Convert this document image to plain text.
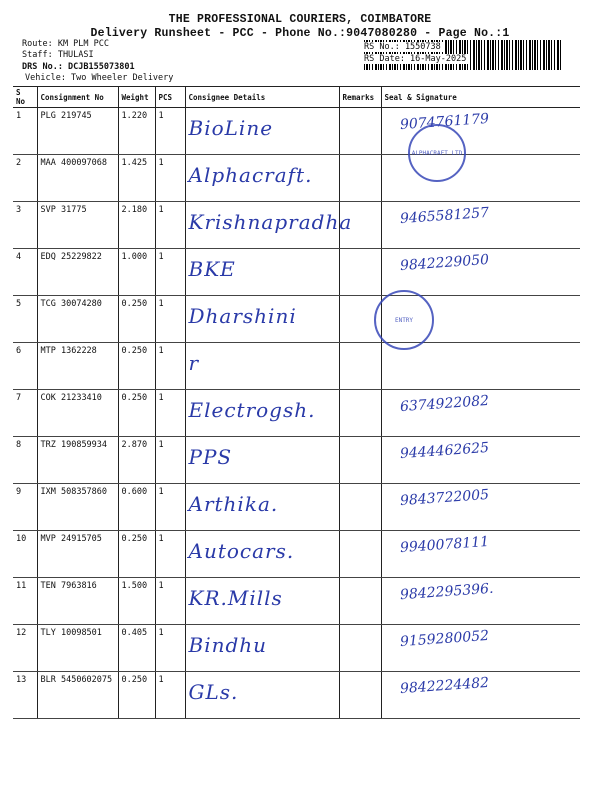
THE PROFESSIONAL COURIERS, COIMBATORE
Delivery Runsheet - PCC - Phone No.:9047080280 - Page No.:1
Route: KM PLM PCC
Staff: THULASI
DRS No.: DCJB155073801
Vehicle: Two Wheeler Delivery
RS No.: 1550738
RS Date: 16-May-2025
S No	Consignment No	Weight	PCS	Consignee Details	Remarks	Seal & Signature
1	PLG 219745	1.220	1	BioLine		9074761179

2	MAA 400097068	1.425	1	Alphacraft.		

3	SVP 31775	2.180	1	Krishnapradha		9465581257

4	EDQ 25229822	1.000	1	BKE		9842229050

5	TCG 30074280	0.250	1	Dharshini		

6	MTP 1362228	0.250	1	r		

7	COK 21233410	0.250	1	Electrogsh.		6374922082

8	TRZ 190859934	2.870	1	PPS		9444462625

9	IXM 508357860	0.600	1	Arthika.		9843722005

10	MVP 24915705	0.250	1	Autocars.		9940078111

11	TEN 7963816	1.500	1	KR.Mills		9842295396.

12	TLY 10098501	0.405	1	Bindhu		9159280052

13	BLR 5450602075	0.250	1	GLs.		9842224482
ALPHACRAFT LTD
ENTRY
